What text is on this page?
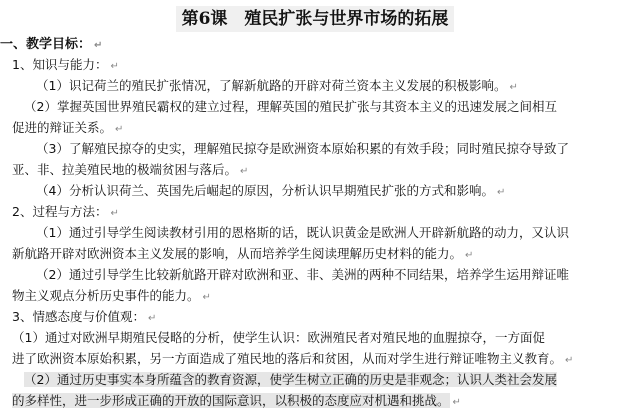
第6课　殖民扩张与世界市场的拓展
一、教学目标： ↵
1、知识与能力： ↵
（1）识记荷兰的殖民扩张情况，了解新航路的开辟对荷兰资本主义发展的积极影响。 ↵
（2）掌握英国世界殖民霸权的建立过程，理解英国的殖民扩张与其资本主义的迅速发展之间相互
促进的辩证关系。 ↵
（3）了解殖民掠夺的史实，理解殖民掠夺是欧洲资本原始积累的有效手段；同时殖民掠夺导致了
亚、非、拉美殖民地的极端贫困与落后。 ↵
（4）分析认识荷兰、英国先后崛起的原因，分析认识早期殖民扩张的方式和影响。 ↵
2、过程与方法： ↵
（1）通过引导学生阅读教材引用的恩格斯的话，既认识黄金是欧洲人开辟新航路的动力，又认识
新航路开辟对欧洲资本主义发展的影响，从而培养学生阅读理解历史材料的能力。 ↵
（2）通过引导学生比较新航路开辟对欧洲和亚、非、美洲的两种不同结果，培养学生运用辩证唯
物主义观点分析历史事件的能力。 ↵
3、情感态度与价值观： ↵
（1）通过对欧洲早期殖民侵略的分析，使学生认识：欧洲殖民者对殖民地的血腥掠夺，一方面促
进了欧洲资本原始积累，另一方面造成了殖民地的落后和贫困，从而对学生进行辩证唯物主义教育。 ↵
（2）通过历史事实本身所蕴含的教育资源，使学生树立正确的历史是非观念；认识人类社会发展
的多样性，进一步形成正确的开放的国际意识，以积极的态度应对机遇和挑战。 ↵
